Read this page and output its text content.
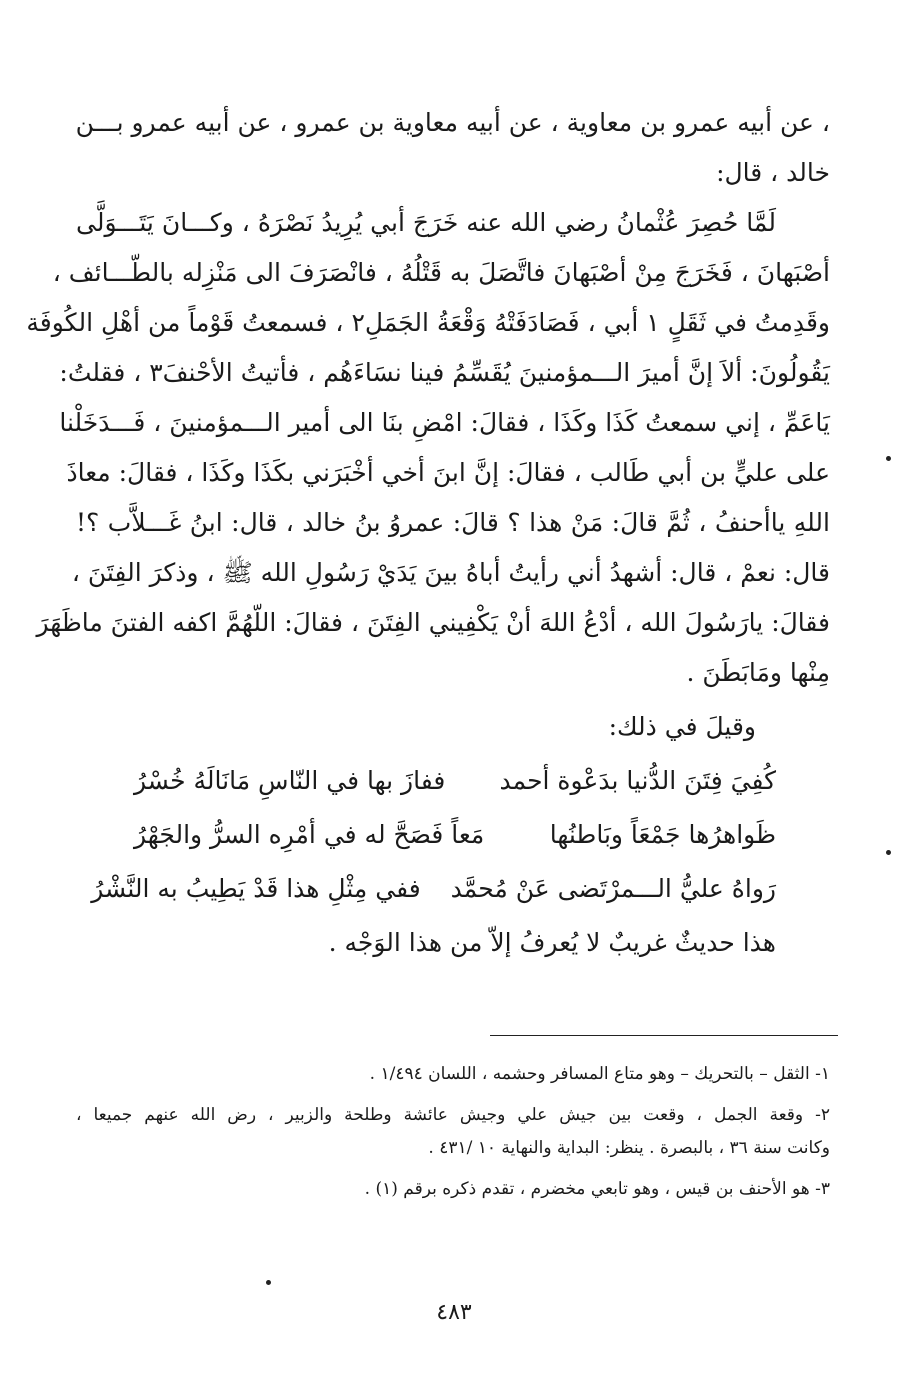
، عن أبيه عمرو بن معاوية ، عن أبيه معاوية بن عمرو ، عن أبيه عمرو بـــن
خالد ، قال:
لَمَّا حُصِرَ عُثْمانُ رضي الله عنه خَرَجَ أبي يُرِيدُ نَصْرَهُ ، وكـــانَ يَتَـــوَلَّى
أصْبَهانَ ، فَخَرَجَ مِنْ أصْبَهانَ فاتَّصَلَ به قَتْلُهُ ، فانْصَرَفَ الى مَنْزِله بالطّـــائف ،
وقَدِمتُ في ثَقَلٍ ١ أبي ، فَصَادَفَتْهُ وَقْعَةُ الجَمَلِ٢ ، فسمعتُ قَوْماً من أهْلِ الكُوفَة
يَقُولُونَ: ألاَ إنَّ أميرَ الـــمؤمنينَ يُقَسِّمُ فينا نسَاءَهُم ، فأتيتُ الأحْنفَ٣ ، فقلتُ:
يَاعَمِّ ، إني سمعتُ كَذَا وكَذَا ، فقالَ: امْضِ بنَا الى أمير الـــمؤمنينَ ، فَـــدَخَلْنا
على عليٍّ بن أبي طَالب ، فقالَ: إنَّ ابنَ أخي أخْبَرَني بكَذَا وكَذَا ، فقالَ: معاذَ
اللهِ ياأحنفُ ، ثُمَّ قالَ: مَنْ هذا ؟ قالَ: عمروُ بنُ خالد ، قال: ابنُ غَـــلاَّب ؟!
قال: نعمْ ، قال: أشهدُ أني رأيتُ أباهُ بينَ يَدَيْ رَسُولِ الله ﷺ ، وذكرَ الفِتَنَ ،
فقالَ: يارَسُولَ الله ، أدْعُ اللهَ أنْ يَكْفِيني الفِتَنَ ، فقالَ: اللّهُمَّ اكفه الفتنَ ماظَهَرَ
مِنْها ومَابَطَنَ .
وقيلَ في ذلك:
كُفِيَ فِتَنَ الدُّنيا بدَعْوة أحمد
ففازَ بها في النّاسِ مَانَالَهُ خُسْرُ
ظَواهرُها جَمْعَاً وبَاطنُها
مَعاً فَصَحَّ له في أمْرِه السرُّ والجَهْرُ
رَواهُ عليُّ الـــمرْتَضى عَنْ مُحمَّد
ففي مِثْلِ هذا قَدْ يَطِيبُ به النَّشْرُ
هذا حديثٌ غريبٌ لا يُعرفُ إلاّ من هذا الوَجْه .
١- الثقل – بالتحريك – وهو متاع المسافر وحشمه ، اللسان ١/٤٩٤ .
٢- وقعة الجمل ، وقعت بين جيش علي وجيش عائشة وطلحة والزبير ، رض الله عنهم جميعا ،
وكانت سنة ٣٦ ، بالبصرة . ينظر: البداية والنهاية ١٠ /٤٣١ .
٣- هو الأحنف بن قيس ، وهو تابعي مخضرم ، تقدم ذكره برقم (١) .
٤٨٣
